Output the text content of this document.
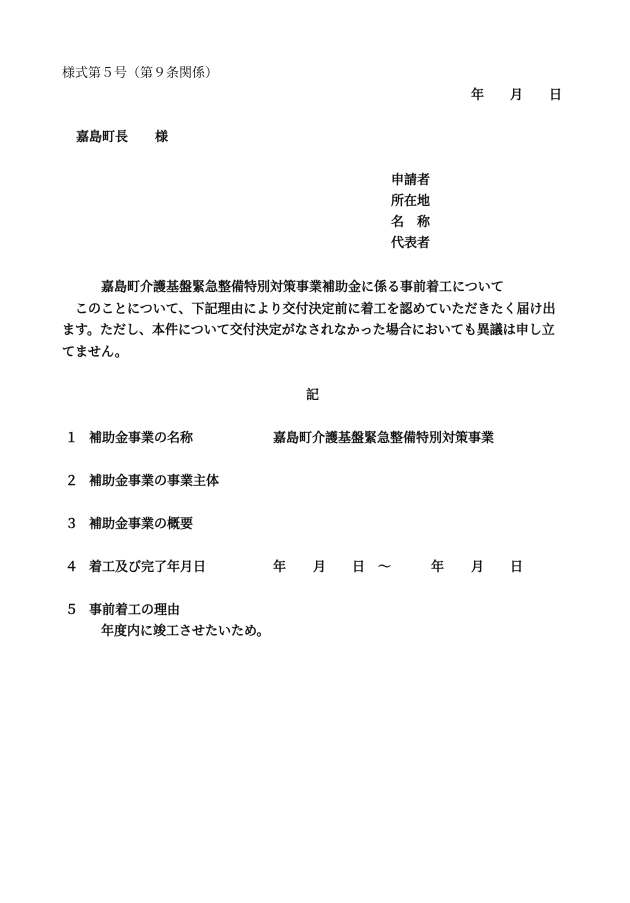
様式第５号（第９条関係）
年 月 日
嘉島町長 様
申請者
所在地
名　称
代表者
嘉島町介護基盤緊急整備特別対策事業補助金に係る事前着工について
　このことについて、下記理由により交付決定前に着工を認めていただきたく届け出
ます。ただし、本件について交付決定がなされなかった場合においても異議は申し立
てません。
記
１ 補助金事業の名称	嘉島町介護基盤緊急整備特別対策事業
２ 補助金事業の事業主体
３ 補助金事業の概要
４ 着工及び完了年月日	年 月 日 ～	年 月 日
５ 事前着工の理由
年度内に竣工させたいため。
